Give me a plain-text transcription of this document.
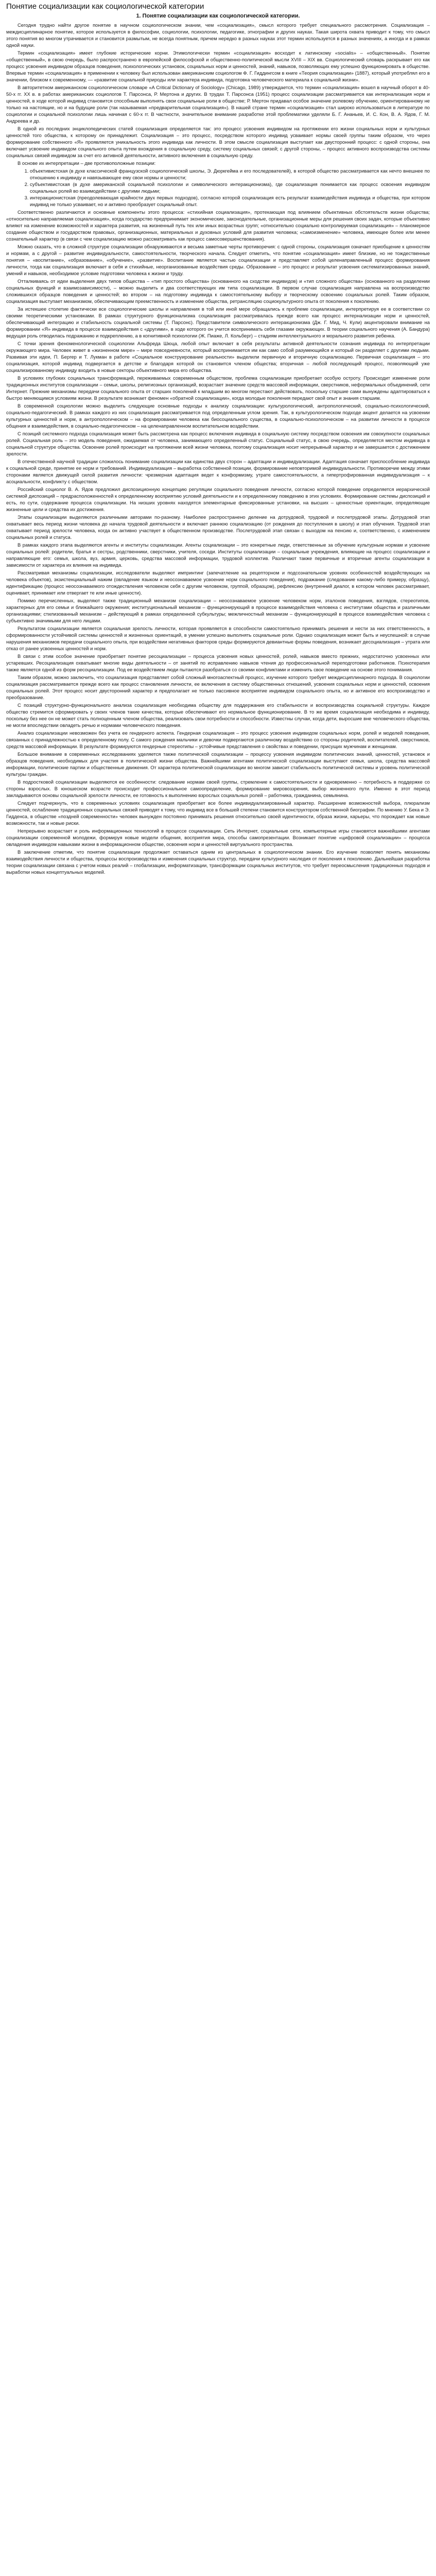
Понятие социализации как социологической категории
1. Понятие социализации как социологической категории.

Сегодня трудно найти другое понятие в научном социологическом знании, чем «социализация», смысл которого требует специального рассмотрения. Социализация – междисциплинарное понятие, которое используется в философии, социологии, психологии, педагогике, этнографии и других науках. Такая широта охвата приводит к тому, что смысл этого понятия во многом утрачивается и становится размытым, не всегда понятным, причем нередко в разных науках этот термин используется в разных значениях, а иногда и в рамках одной науки.

Термин «социализация» имеет глубокие исторические корни. Этимологически термин «социализация» восходит к латинскому «socialis» – «общественный». Понятие «общественный», в свою очередь, было распространено в европейской философской и общественно-политической мысли XVIII – XIX вв. Социологический словарь раскрывает его как процесс усвоения индивидом образцов поведения, психологических установок, социальных норм и ценностей, знаний, навыков, позволяющих ему успешно функционировать в обществе. Впервые термин «социализация» в применении к человеку был использован американским социологом Ф. Г. Гиддингсом в книге «Теория социализации» (1887), который употреблял его в значении, близком к современному, — «развитие социальной природы или характера индивида, подготовка человеческого материала к социальной жизни».

В авторитетном американском социологическом словаре «A Critical Dictionary of Sociology» (Chicago, 1989) утверждается, что термин «социализация» вошел в научный оборот в 40-50-х гг. ХХ в. в работах американских социологов Т. Парсонса, Р. Мертона и других. В трудах Т. Парсонса (1951) процесс социализации рассматривается как интернализация норм и ценностей, в ходе которой индивид становится способным выполнять свои социальные роли в обществе; Р. Мертон придавал особое значение ролевому обучению, ориентированному не только на настоящие, но и на будущие роли (так называемая «предварительная социализация»). В нашей стране термин «социализация» стал широко использоваться в литературе по социологии и социальной психологии лишь начиная с 60-х гг. В частности, значительное внимание разработке этой проблематики уделяли Б. Г. Ананьев, И. С. Кон, В. А. Ядов, Г. М. Андреева и др.

В одной из последних энциклопедических статей социализация определяется так: это процесс усвоения индивидом на протяжении его жизни социальных норм и культурных ценностей того общества, к которому он принадлежит. Социализация – это процесс, посредством которого индивид усваивает нормы своей группы таким образом, что через формирование собственного «Я» проявляется уникальность этого индивида как личности. В этом смысле социализация выступает как двусторонний процесс: с одной стороны, она включает усвоение индивидом социального опыта путем вхождения в социальную среду, систему социальных связей; с другой стороны, – процесс активного воспроизводства системы социальных связей индивидом за счет его активной деятельности, активного включения в социальную среду.

В основе их интерпретации – две противоположные позиции:

1. объективистская (в духе классической французской социологической школы, Э. Дюркгейма и его последователей), в которой общество рассматривается как нечто внешнее по отношению к индивиду и навязывающее ему свои нормы и ценности;
2. субъективистская (в духе американской социальной психологии и символического интеракционизма), где социализация понимается как процесс освоения индивидом социальных ролей во взаимодействии с другими людьми;
3. интеракционистская (преодолевающая крайности двух первых подходов), согласно которой социализация есть результат взаимодействия индивида и общества, при котором индивид не только усваивает, но и активно преобразует социальный опыт.

Соответственно различаются и основные компоненты этого процесса: «стихийная социализация», протекающая под влиянием объективных обстоятельств жизни общества; «относительно направляемая социализация», когда государство предпринимает экономические, законодательные, организационные меры для решения своих задач, которые объективно влияют на изменение возможностей и характера развития, на жизненный путь тех или иных возрастных групп; «относительно социально контролируемая социализация» – планомерное создание обществом и государством правовых, организационных, материальных и духовных условий для развития человека; «самоизменение» человека, имеющее более или менее сознательный характер (в связи с чем социализацию можно рассматривать как процесс самосовершенствования).

Можно сказать, что в сложной структуре социализации обнаруживаются и весьма заметные черты противоречия: с одной стороны, социализация означает приобщение к ценностям и нормам, а с другой – развитие индивидуальности, самостоятельности, творческого начала. Следует отметить, что понятие «социализация» имеет близкие, но не тождественные понятия – «воспитание», «образование», «обучение», «развитие». Воспитание является частью социализации и представляет собой целенаправленный процесс формирования личности, тогда как социализация включает в себя и стихийные, неорганизованные воздействия среды. Образование – это процесс и результат усвоения систематизированных знаний, умений и навыков, необходимое условие подготовки человека к жизни и труду.

Отталкиваясь от идеи выделения двух типов общества – «тип простого общества» (основанного на сходстве индивидов) и «тип сложного общества» (основанного на разделении социальных функций и взаимозависимости), – можно выделить и два соответствующих им типа социализации. В первом случае социализация направлена на воспроизводство сложившихся образцов поведения и ценностей; во втором – на подготовку индивида к самостоятельному выбору и творческому освоению социальных ролей. Таким образом, социализация выступает механизмом, обеспечивающим преемственность и изменение общества, ретрансляцию социокультурного опыта от поколения к поколению.

За истекшее столетие фактически все социологические школы и направления в той или иной мере обращались к проблеме социализации, интерпретируя ее в соответствии со своими теоретическими установками. В рамках структурного функционализма социализация рассматривалась прежде всего как процесс интернализации норм и ценностей, обеспечивающий интеграцию и стабильность социальной системы (Т. Парсонс). Представители символического интеракционизма (Дж. Г. Мид, Ч. Кули) акцентировали внимание на формировании «Я» индивида в процессе взаимодействия с «другими», в ходе которого он учится воспринимать себя глазами окружающих. В теории социального научения (А. Бандура) ведущая роль отводилась подражанию и подкреплению, а в когнитивной психологии (Ж. Пиаже, Л. Кольберг) – стадиям интеллектуального и морального развития ребенка.

С точки зрения феноменологической социологии Альфреда Шюца, любой опыт включает в себя результаты активной деятельности сознания индивида по интерпретации окружающего мира. Человек живет в «жизненном мире» – мире повседневности, который воспринимается им как само собой разумеющийся и который он разделяет с другими людьми. Развивая эти идеи, П. Бергер и Т. Лукман в работе «Социальное конструирование реальности» выделили первичную и вторичную социализацию. Первичная социализация – это социализация, которой индивид подвергается в детстве и благодаря которой он становится членом общества; вторичная – любой последующий процесс, позволяющий уже социализированному индивиду входить в новые секторы объективного мира его общества.

В условиях глубоких социальных трансформаций, переживаемых современным обществом, проблема социализации приобретает особую остроту. Происходит изменение роли традиционных институтов социализации – семьи, школы, религиозных организаций, возрастает значение средств массовой информации, сверстников, неформальных объединений, сети Интернет. Прежние механизмы передачи социального опыта от старших поколений к младшим во многом перестают действовать, поскольку старшие сами вынуждены адаптироваться к быстро меняющимся условиям жизни. В результате возникает феномен «обратной социализации», когда молодые поколения передают свой опыт и знания старшим.

В современной социологии можно выделить следующие основные подходы к анализу социализации: культурологический, антропологический, социально-психологический, социально-педагогический. В рамках каждого из них социализация рассматривается под определенным углом зрения. Так, в культурологическом подходе акцент делается на усвоении культурных ценностей и норм, в антропологическом – на формировании человека как биосоциального существа, в социально-психологическом – на развитии личности в процессе общения и взаимодействия, в социально-педагогическом – на целенаправленном воспитательном воздействии.

С позиций системного подхода социализация может быть рассмотрена как процесс включения индивида в социальную систему посредством освоения им совокупности социальных ролей. Социальная роль – это модель поведения, ожидаемая от человека, занимающего определенный статус. Социальный статус, в свою очередь, определяется местом индивида в социальной структуре общества. Освоение ролей происходит на протяжении всей жизни человека, поэтому социализация носит непрерывный характер и не завершается с достижением зрелости.

В отечественной научной традиции сложилось понимание социализации как единства двух сторон – адаптации и индивидуализации. Адаптация означает приспособление индивида к социальной среде, принятие ее норм и требований. Индивидуализация – выработка собственной позиции, формирование неповторимой индивидуальности. Противоречие между этими сторонами является движущей силой развития личности: чрезмерная адаптация ведет к конформизму, утрате самостоятельности, а гипертрофированная индивидуализация – к асоциальности, конфликту с обществом.

Российский социолог В. А. Ядов предложил диспозиционную концепцию регуляции социального поведения личности, согласно которой поведение определяется иерархической системой диспозиций – предрасположенностей к определенному восприятию условий деятельности и к определенному поведению в этих условиях. Формирование системы диспозиций и есть, по сути, содержание процесса социализации. На низших уровнях находятся элементарные фиксированные установки, на высших – ценностные ориентации, определяющие жизненные цели и средства их достижения.

Этапы социализации выделяются различными авторами по-разному. Наиболее распространено деление на дотрудовой, трудовой и послетрудовой этапы. Дотрудовой этап охватывает весь период жизни человека до начала трудовой деятельности и включает раннюю социализацию (от рождения до поступления в школу) и этап обучения. Трудовой этап охватывает период зрелости человека, когда он активно участвует в общественном производстве. Послетрудовой этап связан с выходом на пенсию и, соответственно, с изменением социальных ролей и статуса.

В рамках каждого этапа выделяются агенты и институты социализации. Агенты социализации – это конкретные люди, ответственные за обучение культурным нормам и усвоение социальных ролей: родители, братья и сестры, родственники, сверстники, учителя, соседи. Институты социализации – социальные учреждения, влияющие на процесс социализации и направляющие его: семья, школа, вуз, армия, церковь, средства массовой информации, трудовой коллектив. Различают также первичные и вторичные агенты социализации в зависимости от характера их влияния на индивида.

Рассматривая механизмы социализации, исследователи выделяют импринтинг (запечатление на рецепторном и подсознательном уровнях особенностей воздействующих на человека объектов), экзистенциальный нажим (овладение языком и неосознаваемое усвоение норм социального поведения), подражание (следование какому-либо примеру, образцу), идентификацию (процесс неосознаваемого отождествления человеком себя с другим человеком, группой, образцом), рефлексию (внутренний диалог, в котором человек рассматривает, оценивает, принимает или отвергает те или иные ценности).

Помимо перечисленных, выделяют также традиционный механизм социализации – неосознаваемое усвоение человеком норм, эталонов поведения, взглядов, стереотипов, характерных для его семьи и ближайшего окружения; институциональный механизм – функционирующий в процессе взаимодействия человека с институтами общества и различными организациями; стилизованный механизм – действующий в рамках определенной субкультуры; межличностный механизм – функционирующий в процессе взаимодействия человека с субъективно значимыми для него лицами.

Результатом социализации является социальная зрелость личности, которая проявляется в способности самостоятельно принимать решения и нести за них ответственность, в сформированности устойчивой системы ценностей и жизненных ориентаций, в умении успешно выполнять социальные роли. Однако социализация может быть и неуспешной: в случае нарушения механизмов передачи социального опыта, при воздействии негативных факторов среды формируются девиантные формы поведения, возникает десоциализация – утрата или отказ от ранее усвоенных ценностей и норм.

В связи с этим особое значение приобретает понятие ресоциализации – процесса усвоения новых ценностей, ролей, навыков вместо прежних, недостаточно усвоенных или устаревших. Ресоциализация охватывает многие виды деятельности – от занятий по исправлению навыков чтения до профессиональной переподготовки работников. Психотерапия также является одной из форм ресоциализации. Под ее воздействием люди пытаются разобраться со своими конфликтами и изменить свое поведение на основе этого понимания.

Таким образом, можно заключить, что социализация представляет собой сложный многоаспектный процесс, изучение которого требует междисциплинарного подхода. В социологии социализация рассматривается прежде всего как процесс становления личности, ее включения в систему общественных отношений, усвоения социальных норм и ценностей, освоения социальных ролей. Этот процесс носит двусторонний характер и предполагает не только пассивное восприятие индивидом социального опыта, но и активное его воспроизводство и преобразование.

С позиций структурно-функционального анализа социализация необходима обществу для поддержания его стабильности и воспроизводства социальной структуры. Каждое общество стремится сформировать у своих членов такие качества, которые обеспечивают его нормальное функционирование. В то же время социализация необходима и индивиду, поскольку без нее он не может стать полноценным членом общества, реализовать свои потребности и способности. Известны случаи, когда дети, выросшие вне человеческого общества, не могли впоследствии овладеть речью и нормами человеческого поведения.

Анализ социализации невозможен без учета ее гендерного аспекта. Гендерная социализация – это процесс усвоения индивидом социальных норм, ролей и моделей поведения, связанных с принадлежностью к определенному полу. С самого рождения мальчики и девочки подвергаются различному воздействию со стороны родителей, воспитателей, сверстников, средств массовой информации. В результате формируются гендерные стереотипы – устойчивые представления о свойствах и поведении, присущих мужчинам и женщинам.

Большое внимание в современных исследованиях уделяется также политической социализации – процессу усвоения индивидом политических знаний, ценностей, установок и образцов поведения, необходимых для участия в политической жизни общества. Важнейшими агентами политической социализации выступают семья, школа, средства массовой информации, политические партии и общественные движения. От характера политической социализации во многом зависит стабильность политической системы и уровень политической культуры граждан.

В подростковой социализации выделяются ее особенности: следование нормам своей группы, стремление к самостоятельности и одновременно – потребность в поддержке со стороны взрослых. В юношеском возрасте происходит профессиональное самоопределение, формирование мировоззрения, выбор жизненного пути. Именно в этот период закладываются основы социальной зрелости личности, ее готовность к выполнению взрослых социальных ролей – работника, гражданина, семьянина.

Следует подчеркнуть, что в современных условиях социализация приобретает все более индивидуализированный характер. Расширение возможностей выбора, плюрализм ценностей, ослабление традиционных социальных связей приводят к тому, что индивид все в большей степени становится конструктором собственной биографии. По мнению У. Бека и Э. Гидденса, в обществе «поздней современности» человек вынужден постоянно принимать решения относительно своей идентичности, образа жизни, карьеры, что порождает как новые возможности, так и новые риски.

Непрерывно возрастает и роль информационных технологий в процессе социализации. Сеть Интернет, социальные сети, компьютерные игры становятся важнейшими агентами социализации современной молодежи, формируя новые модели общения, восприятия мира, способы самопрезентации. Возникает понятие «цифровой социализации» – процесса овладения индивидом навыками жизни в информационном обществе, освоения норм и ценностей виртуального пространства.

В заключение отметим, что понятие социализации продолжает оставаться одним из центральных в социологическом знании. Его изучение позволяет понять механизмы взаимодействия личности и общества, процессы воспроизводства и изменения социальных структур, передачи культурного наследия от поколения к поколению. Дальнейшая разработка теории социализации связана с учетом новых реалий – глобализации, информатизации, трансформации социальных институтов, что требует переосмысления традиционных подходов и выработки новых концептуальных моделей.
